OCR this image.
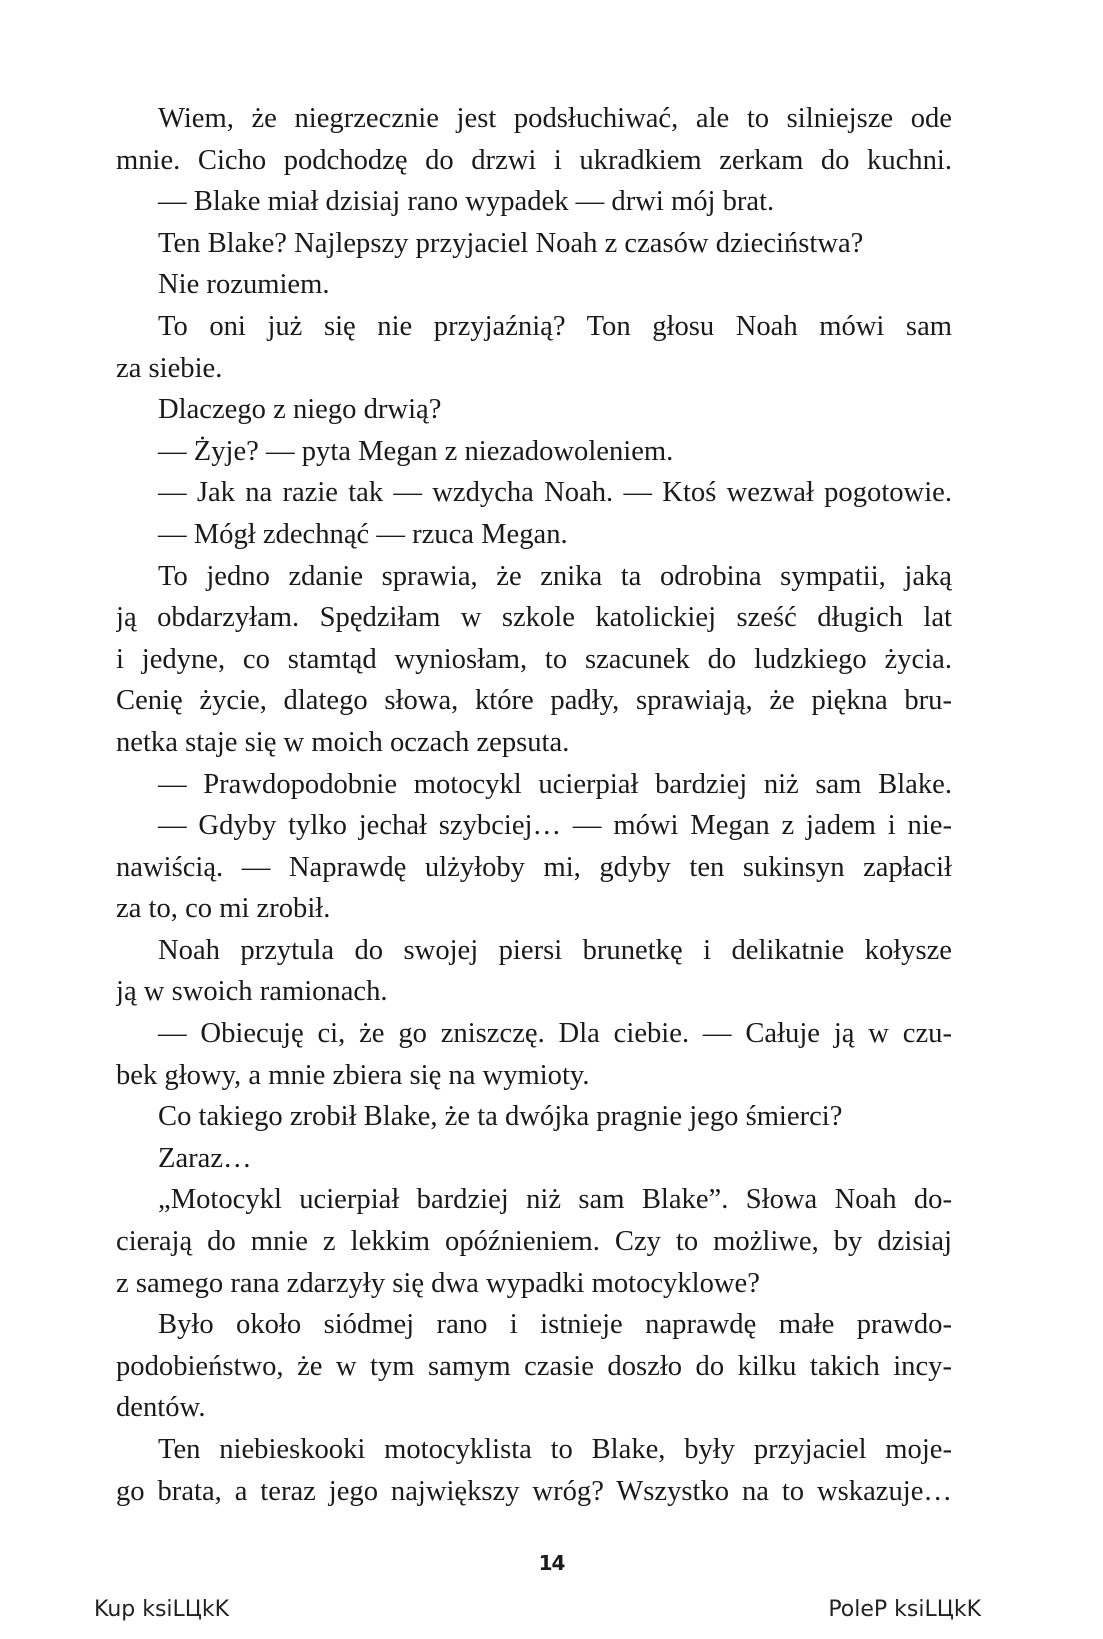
Wiem, że niegrzecznie jest podsłuchiwać, ale to silniejsze ode
mnie. Cicho podchodzę do drzwi i ukradkiem zerkam do kuchni.
— Blake miał dzisiaj rano wypadek — drwi mój brat.
Ten Blake? Najlepszy przyjaciel Noah z czasów dzieciństwa?
Nie rozumiem.
To oni już się nie przyjaźnią? Ton głosu Noah mówi sam
za siebie.
Dlaczego z niego drwią?
— Żyje? — pyta Megan z niezadowoleniem.
— Jak na razie tak — wzdycha Noah. — Ktoś wezwał pogotowie.
— Mógł zdechnąć — rzuca Megan.
To jedno zdanie sprawia, że znika ta odrobina sympatii, jaką
ją obdarzyłam. Spędziłam w szkole katolickiej sześć długich lat
i jedyne, co stamtąd wyniosłam, to szacunek do ludzkiego życia.
Cenię życie, dlatego słowa, które padły, sprawiają, że piękna bru-
netka staje się w moich oczach zepsuta.
— Prawdopodobnie motocykl ucierpiał bardziej niż sam Blake.
— Gdyby tylko jechał szybciej… — mówi Megan z jadem i nie-
nawiścią. — Naprawdę ulżyłoby mi, gdyby ten sukinsyn zapłacił
za to, co mi zrobił.
Noah przytula do swojej piersi brunetkę i delikatnie kołysze
ją w swoich ramionach.
— Obiecuję ci, że go zniszczę. Dla ciebie. — Całuje ją w czu-
bek głowy, a mnie zbiera się na wymioty.
Co takiego zrobił Blake, że ta dwójka pragnie jego śmierci?
Zaraz…
„Motocykl ucierpiał bardziej niż sam Blake”. Słowa Noah do-
cierają do mnie z lekkim opóźnieniem. Czy to możliwe, by dzisiaj
z samego rana zdarzyły się dwa wypadki motocyklowe?
Było około siódmej rano i istnieje naprawdę małe prawdo-
podobieństwo, że w tym samym czasie doszło do kilku takich incy-
dentów.
Ten niebieskooki motocyklista to Blake, były przyjaciel moje-
go brata, a teraz jego największy wróg? Wszystko na to wskazuje…
14
Kup ksiLЦkK	PoleP ksiLЦkK
